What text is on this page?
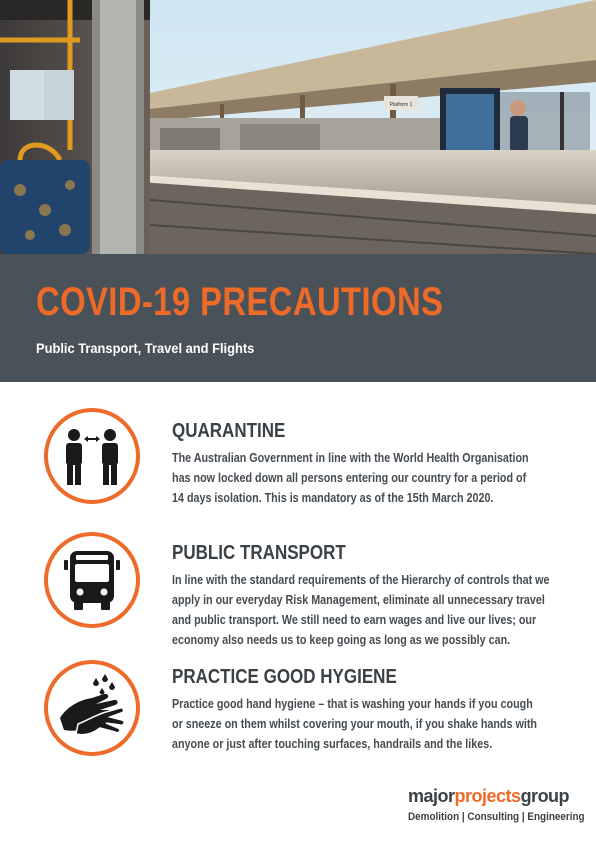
Platform 1
COVID-19 PRECAUTIONS
Public Transport, Travel and Flights
QUARANTINE
The Australian Government in line with the World Health Organisation
has now locked down all persons entering our country for a period of
14 days isolation. This is mandatory as of the 15th March 2020.
PUBLIC TRANSPORT
In line with the standard requirements of the Hierarchy of controls that we
apply in our everyday Risk Management, eliminate all unnecessary travel
and public transport. We still need to earn wages and live our lives; our
economy also needs us to keep going as long as we possibly can.
PRACTICE GOOD HYGIENE
Practice good hand hygiene – that is washing your hands if you cough
or sneeze on them whilst covering your mouth, if you shake hands with
anyone or just after touching surfaces, handrails and the likes.
majorprojectsgroup
Demolition | Consulting | Engineering
